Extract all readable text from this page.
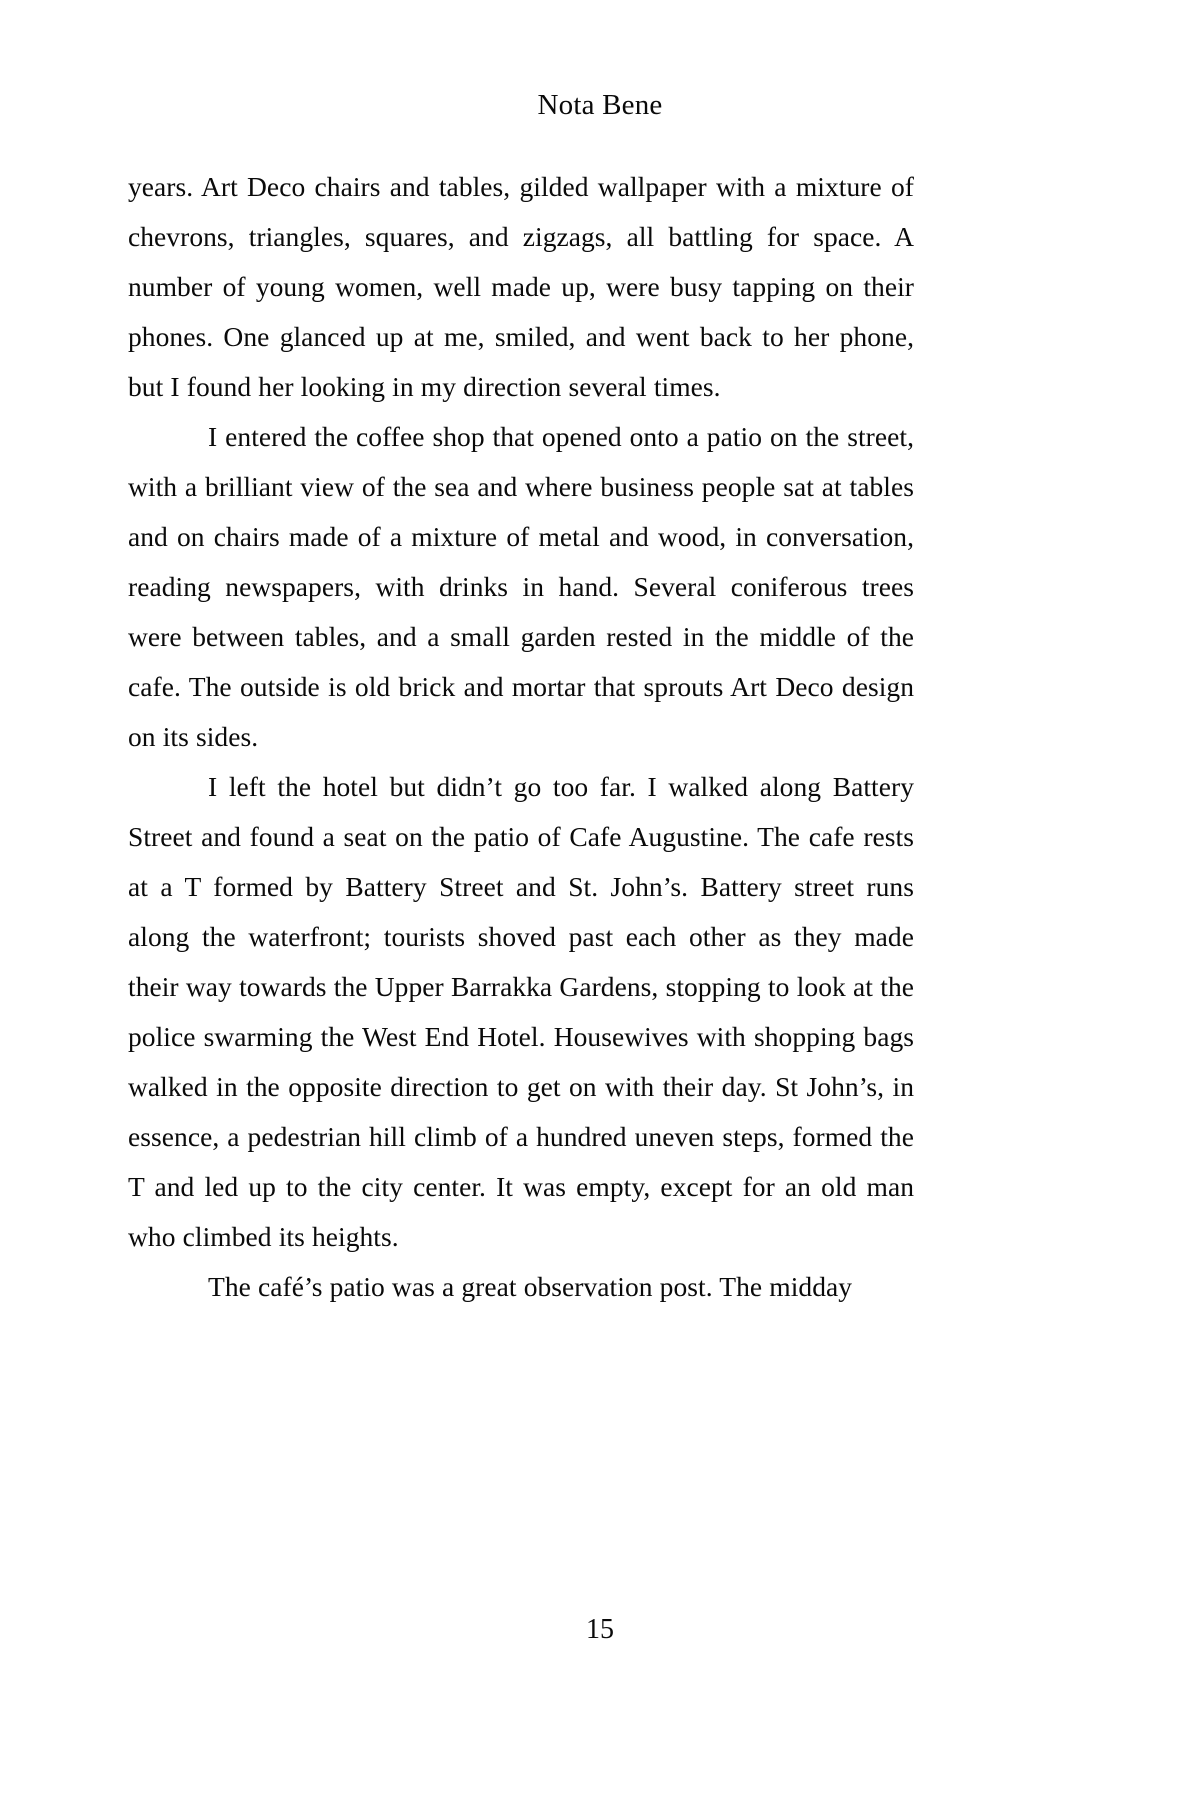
Nota Bene

years. Art Deco chairs and tables, gilded wallpaper with a mixture of chevrons, triangles, squares, and zigzags, all battling for space. A number of young women, well made up, were busy tapping on their phones. One glanced up at me, smiled, and went back to her phone, but I found her looking in my direction several times.

I entered the coffee shop that opened onto a patio on the street, with a brilliant view of the sea and where business people sat at tables and on chairs made of a mixture of metal and wood, in conversation, reading newspapers, with drinks in hand. Several coniferous trees were between tables, and a small garden rested in the middle of the cafe. The outside is old brick and mortar that sprouts Art Deco design on its sides.

I left the hotel but didn’t go too far. I walked along Battery Street and found a seat on the patio of Cafe Augustine. The cafe rests at a T formed by Battery Street and St. John’s. Battery street runs along the waterfront; tourists shoved past each other as they made their way towards the Upper Barrakka Gardens, stopping to look at the police swarming the West End Hotel. Housewives with shopping bags walked in the opposite direction to get on with their day. St John’s, in essence, a pedestrian hill climb of a hundred uneven steps, formed the T and led up to the city center. It was empty, except for an old man who climbed its heights.

The café’s patio was a great observation post. The midday

15
